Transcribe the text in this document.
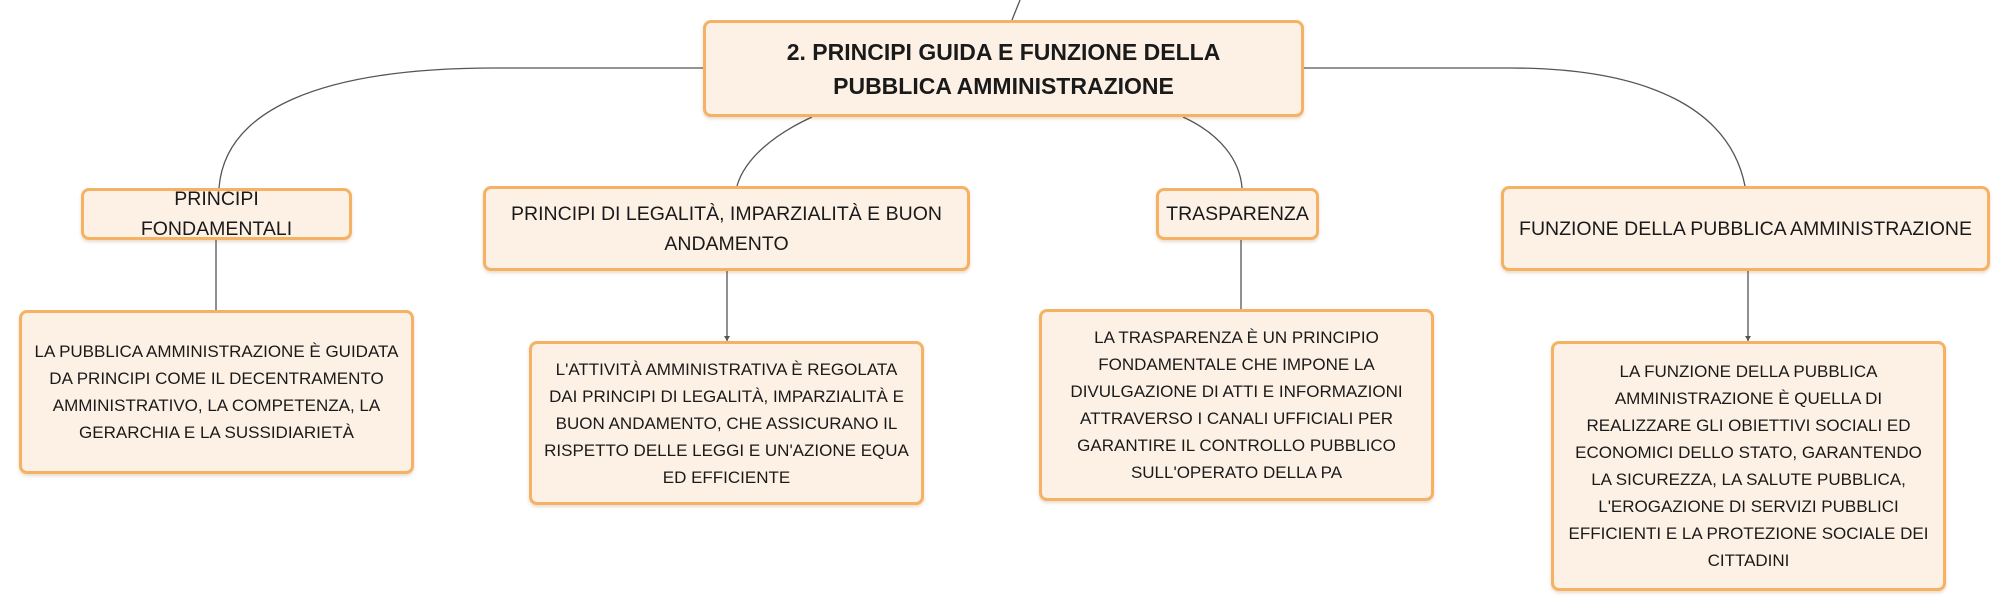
2. PRINCIPI GUIDA E FUNZIONE DELLA PUBBLICA AMMINISTRAZIONE
PRINCIPI FONDAMENTALI
PRINCIPI DI LEGALITÀ, IMPARZIALITÀ E BUON ANDAMENTO
TRASPARENZA
FUNZIONE DELLA PUBBLICA AMMINISTRAZIONE
LA PUBBLICA AMMINISTRAZIONE È GUIDATA DA PRINCIPI COME IL DECENTRAMENTO AMMINISTRATIVO, LA COMPETENZA, LA GERARCHIA E LA SUSSIDIARIETÀ
L'ATTIVITÀ AMMINISTRATIVA È REGOLATA DAI PRINCIPI DI LEGALITÀ, IMPARZIALITÀ E BUON ANDAMENTO, CHE ASSICURANO IL RISPETTO DELLE LEGGI E UN'AZIONE EQUA ED EFFICIENTE
LA TRASPARENZA È UN PRINCIPIO FONDAMENTALE CHE IMPONE LA DIVULGAZIONE DI ATTI E INFORMAZIONI ATTRAVERSO I CANALI UFFICIALI PER GARANTIRE IL CONTROLLO PUBBLICO SULL'OPERATO DELLA PA
LA FUNZIONE DELLA PUBBLICA AMMINISTRAZIONE È QUELLA DI REALIZZARE GLI OBIETTIVI SOCIALI ED ECONOMICI DELLO STATO, GARANTENDO LA SICUREZZA, LA SALUTE PUBBLICA, L'EROGAZIONE DI SERVIZI PUBBLICI EFFICIENTI E LA PROTEZIONE SOCIALE DEI CITTADINI
